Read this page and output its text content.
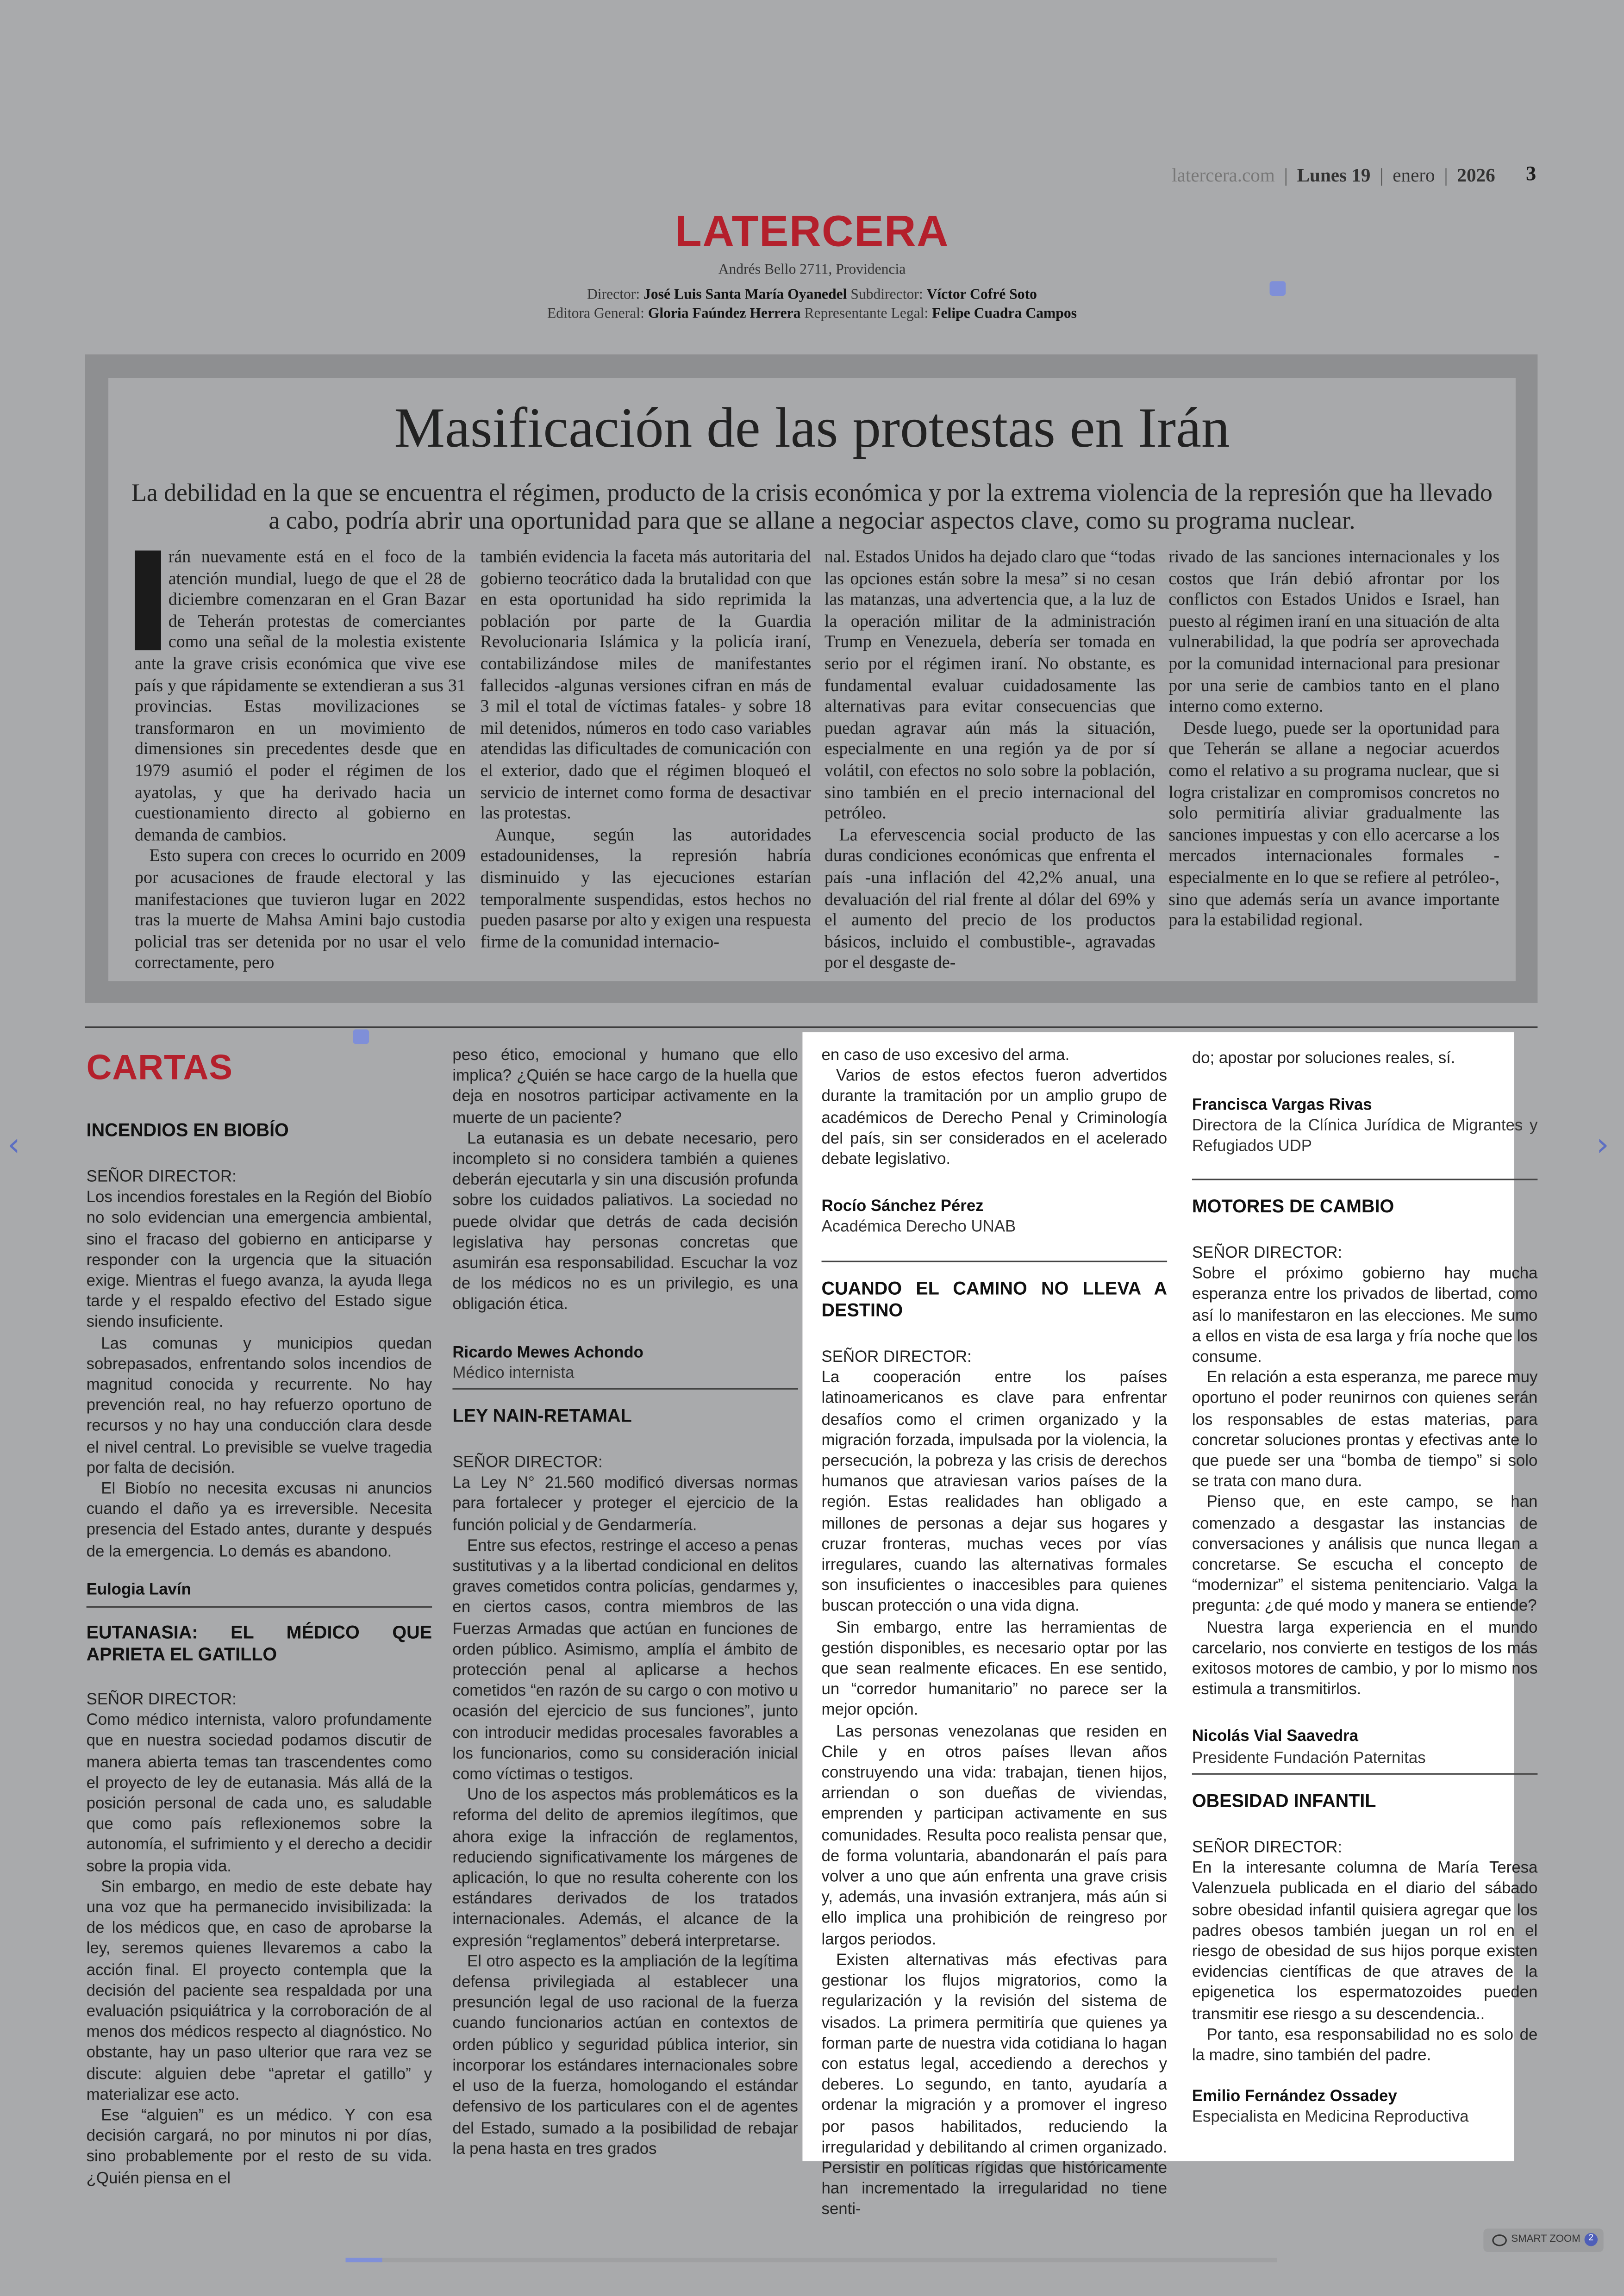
latercera.com | Lunes 19 | enero | 2026	3
LATERCERA
Andrés Bello 2711, Providencia
Director: José Luis Santa María Oyanedel Subdirector: Víctor Cofré Soto
Editora General: Gloria Faúndez Herrera Representante Legal: Felipe Cuadra Campos
Masificación de las protestas en Irán
La debilidad en la que se encuentra el régimen, producto de la crisis económica y por la extrema violencia de la represión que ha llevado a cabo, podría abrir una oportunidad para que se allane a negociar aspectos clave, como su programa nuclear.

rán nuevamente está en el foco de la atención mundial, luego de que el 28 de diciembre comenzaran en el Gran Bazar de Teherán protestas de comerciantes como una señal de la molestia existente ante la grave crisis económica que vive ese país y que rápidamente se extendieran a sus 31 provincias. Estas movilizaciones se transformaron en un movimiento de dimensiones sin precedentes desde que en 1979 asumió el poder el régimen de los ayatolas, y que ha derivado hacia un cuestionamiento directo al gobierno en demanda de cambios.

Esto supera con creces lo ocurrido en 2009 por acusaciones de fraude electoral y las manifestaciones que tuvieron lugar en 2022 tras la muerte de Mahsa Amini bajo custodia policial tras ser detenida por no usar el velo correctamente, pero

también evidencia la faceta más autoritaria del gobierno teocrático dada la brutalidad con que en esta oportunidad ha sido reprimida la población por parte de la Guardia Revolucionaria Islámica y la policía iraní, contabilizándose miles de manifestantes fallecidos -algunas versiones cifran en más de 3 mil el total de víctimas fatales- y sobre 18 mil detenidos, números en todo caso variables atendidas las dificultades de comunicación con el exterior, dado que el régimen bloqueó el servicio de internet como forma de desactivar las protestas.

Aunque, según las autoridades estadounidenses, la represión habría disminuido y las ejecuciones estarían temporalmente suspendidas, estos hechos no pueden pasarse por alto y exigen una respuesta firme de la comunidad internacio-

nal. Estados Unidos ha dejado claro que “todas las opciones están sobre la mesa” si no cesan las matanzas, una advertencia que, a la luz de la operación militar de la administración Trump en Venezuela, debería ser tomada en serio por el régimen iraní. No obstante, es fundamental evaluar cuidadosamente las alternativas para evitar consecuencias que puedan agravar aún más la situación, especialmente en una región ya de por sí volátil, con efectos no solo sobre la población, sino también en el precio internacional del petróleo.

La efervescencia social producto de las duras condiciones económicas que enfrenta el país -una inflación del 42,2% anual, una devaluación del rial frente al dólar del 69% y el aumento del precio de los productos básicos, incluido el combustible-, agravadas por el desgaste de-

rivado de las sanciones internacionales y los costos que Irán debió afrontar por los conflictos con Estados Unidos e Israel, han puesto al régimen iraní en una situación de alta vulnerabilidad, la que podría ser aprovechada por la comunidad internacional para presionar por una serie de cambios tanto en el plano interno como externo.

Desde luego, puede ser la oportunidad para que Teherán se allane a negociar acuerdos como el relativo a su programa nuclear, que si logra cristalizar en compromisos concretos no solo permitiría aliviar gradualmente las sanciones impuestas y con ello acercarse a los mercados internacionales formales -especialmente en lo que se refiere al petróleo-, sino que además sería un avance importante para la estabilidad regional.

CARTAS
INCENDIOS EN BIOBÍO
SEÑOR DIRECTOR:

Los incendios forestales en la Región del Biobío no solo evidencian una emergencia ambiental, sino el fracaso del gobierno en anticiparse y responder con la urgencia que la situación exige. Mientras el fuego avanza, la ayuda llega tarde y el respaldo efectivo del Estado sigue siendo insuficiente.

Las comunas y municipios quedan sobrepasados, enfrentando solos incendios de magnitud conocida y recurrente. No hay prevención real, no hay refuerzo oportuno de recursos y no hay una conducción clara desde el nivel central. Lo previsible se vuelve tragedia por falta de decisión.

El Biobío no necesita excusas ni anuncios cuando el daño ya es irreversible. Necesita presencia del Estado antes, durante y después de la emergencia. Lo demás es abandono.

Eulogia Lavín
EUTANASIA: EL MÉDICO QUE APRIETA EL GATILLO
SEÑOR DIRECTOR:

Como médico internista, valoro profundamente que en nuestra sociedad podamos discutir de manera abierta temas tan trascendentes como el proyecto de ley de eutanasia. Más allá de la posición personal de cada uno, es saludable que como país reflexionemos sobre la autonomía, el sufrimiento y el derecho a decidir sobre la propia vida.

Sin embargo, en medio de este debate hay una voz que ha permanecido invisibilizada: la de los médicos que, en caso de aprobarse la ley, seremos quienes llevaremos a cabo la acción final. El proyecto contempla que la decisión del paciente sea respaldada por una evaluación psiquiátrica y la corroboración de al menos dos médicos respecto al diagnóstico. No obstante, hay un paso ulterior que rara vez se discute: alguien debe “apretar el gatillo” y materializar ese acto.

Ese “alguien” es un médico. Y con esa decisión cargará, no por minutos ni por días, sino probablemente por el resto de su vida. ¿Quién piensa en el

peso ético, emocional y humano que ello implica? ¿Quién se hace cargo de la huella que deja en nosotros participar activamente en la muerte de un paciente?

La eutanasia es un debate necesario, pero incompleto si no considera también a quienes deberán ejecutarla y sin una discusión profunda sobre los cuidados paliativos. La sociedad no puede olvidar que detrás de cada decisión legislativa hay personas concretas que asumirán esa responsabilidad. Escuchar la voz de los médicos no es un privilegio, es una obligación ética.

Ricardo Mewes Achondo
Médico internista
LEY NAIN-RETAMAL
SEÑOR DIRECTOR:

La Ley N° 21.560 modificó diversas normas para fortalecer y proteger el ejercicio de la función policial y de Gendarmería.

Entre sus efectos, restringe el acceso a penas sustitutivas y a la libertad condicional en delitos graves cometidos contra policías, gendarmes y, en ciertos casos, contra miembros de las Fuerzas Armadas que actúan en funciones de orden público. Asimismo, amplía el ámbito de protección penal al aplicarse a hechos cometidos “en razón de su cargo o con motivo u ocasión del ejercicio de sus funciones”, junto con introducir medidas procesales favorables a los funcionarios, como su consideración inicial como víctimas o testigos.

Uno de los aspectos más problemáticos es la reforma del delito de apremios ilegítimos, que ahora exige la infracción de reglamentos, reduciendo significativamente los márgenes de aplicación, lo que no resulta coherente con los estándares derivados de los tratados internacionales. Además, el alcance de la expresión “reglamentos” deberá interpretarse.

El otro aspecto es la ampliación de la legítima defensa privilegiada al establecer una presunción legal de uso racional de la fuerza cuando funcionarios actúan en contextos de orden público y seguridad pública interior, sin incorporar los estándares internacionales sobre el uso de la fuerza, homologando el estándar defensivo de los particulares con el de agentes del Estado, sumado a la posibilidad de rebajar la pena hasta en tres grados

en caso de uso excesivo del arma.

Varios de estos efectos fueron advertidos durante la tramitación por un amplio grupo de académicos de Derecho Penal y Criminología del país, sin ser considerados en el acelerado debate legislativo.

Rocío Sánchez Pérez
Académica Derecho UNAB
CUANDO EL CAMINO NO LLEVA A DESTINO
SEÑOR DIRECTOR:

La cooperación entre los países latinoamericanos es clave para enfrentar desafíos como el crimen organizado y la migración forzada, impulsada por la violencia, la persecución, la pobreza y las crisis de derechos humanos que atraviesan varios países de la región. Estas realidades han obligado a millones de personas a dejar sus hogares y cruzar fronteras, muchas veces por vías irregulares, cuando las alternativas formales son insuficientes o inaccesibles para quienes buscan protección o una vida digna.

Sin embargo, entre las herramientas de gestión disponibles, es necesario optar por las que sean realmente eficaces. En ese sentido, un “corredor humanitario” no parece ser la mejor opción.

Las personas venezolanas que residen en Chile y en otros países llevan años construyendo una vida: trabajan, tienen hijos, arriendan o son dueñas de viviendas, emprenden y participan activamente en sus comunidades. Resulta poco realista pensar que, de forma voluntaria, abandonarán el país para volver a uno que aún enfrenta una grave crisis y, además, una invasión extranjera, más aún si ello implica una prohibición de reingreso por largos periodos.

Existen alternativas más efectivas para gestionar los flujos migratorios, como la regularización y la revisión del sistema de visados. La primera permitiría que quienes ya forman parte de nuestra vida cotidiana lo hagan con estatus legal, accediendo a derechos y deberes. Lo segundo, en tanto, ayudaría a ordenar la migración y a promover el ingreso por pasos habilitados, reduciendo la irregularidad y debilitando al crimen organizado. Persistir en políticas rígidas que históricamente han incrementado la irregularidad no tiene senti-

do; apostar por soluciones reales, sí.

Francisca Vargas Rivas
Directora de la Clínica Jurídica de Migrantes y Refugiados UDP
MOTORES DE CAMBIO
SEÑOR DIRECTOR:

Sobre el próximo gobierno hay mucha esperanza entre los privados de libertad, como así lo manifestaron en las elecciones. Me sumo a ellos en vista de esa larga y fría noche que los consume.

En relación a esta esperanza, me parece muy oportuno el poder reunirnos con quienes serán los responsables de estas materias, para concretar soluciones prontas y efectivas ante lo que puede ser una “bomba de tiempo” si solo se trata con mano dura.

Pienso que, en este campo, se han comenzado a desgastar las instancias de conversaciones y análisis que nunca llegan a concretarse. Se escucha el concepto de “modernizar” el sistema penitenciario. Valga la pregunta: ¿de qué modo y manera se entiende?

Nuestra larga experiencia en el mundo carcelario, nos convierte en testigos de los más exitosos motores de cambio, y por lo mismo nos estimula a transmitirlos.

Nicolás Vial Saavedra
Presidente Fundación Paternitas
OBESIDAD INFANTIL
SEÑOR DIRECTOR:

En la interesante columna de María Teresa Valenzuela publicada en el diario del sábado sobre obesidad infantil quisiera agregar que los padres obesos también juegan un rol en el riesgo de obesidad de sus hijos porque existen evidencias científicas de que atraves de la epigenetica los espermatozoides pueden transmitir ese riesgo a su descendencia..

Por tanto, esa responsabilidad no es solo de la madre, sino también del padre.

Emilio Fernández Ossadey
Especialista en Medicina Reproductiva
‹	›
SMART ZOOM	2
